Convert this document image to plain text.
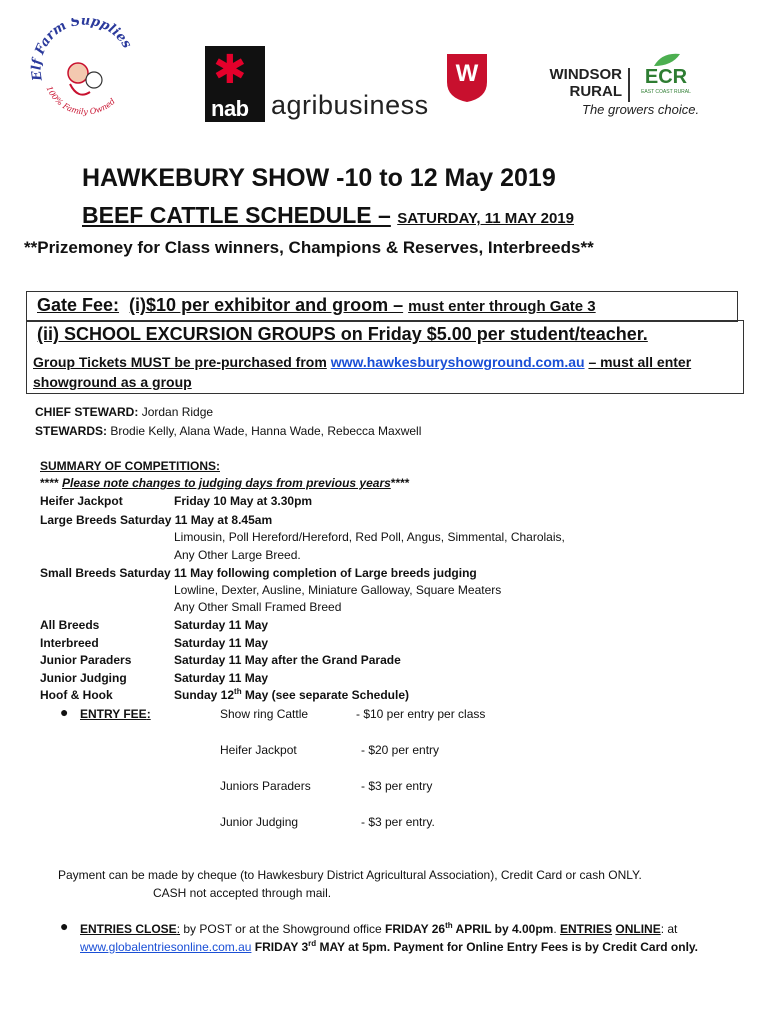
Elf Farm Supplies
100% Family Owned
✱
nab agribusiness
W	WINDSOR
RURAL
ECR
EAST COAST RURAL
The growers choice.
HAWKEBURY SHOW -10 to 12 May 2019
BEEF CATTLE SCHEDULE – SATURDAY, 11 MAY 2019
**Prizemoney for Class winners, Champions & Reserves, Interbreeds**
Gate Fee: (i)$10 per exhibitor and groom – must enter through Gate 3
(ii) SCHOOL EXCURSION GROUPS on Friday $5.00 per student/teacher.
Group Tickets MUST be pre-purchased from www.hawkesburyshowground.com.au – must all enter showground as a group
CHIEF STEWARD: Jordan Ridge
STEWARDS: Brodie Kelly, Alana Wade, Hanna Wade, Rebecca Maxwell
SUMMARY OF COMPETITIONS:
**** Please note changes to judging days from previous years****
Heifer Jackpot	Friday 10 May at 3.30pm
Large Breeds Saturday 11 May at 8.45am
Limousin, Poll Hereford/Hereford, Red Poll, Angus, Simmental, Charolais,
Any Other Large Breed.
Small Breeds Saturday 11 May following completion of Large breeds judging
Lowline, Dexter, Ausline, Miniature Galloway, Square Meaters
Any Other Small Framed Breed
All Breeds	Saturday 11 May
Interbreed	Saturday 11 May
Junior Paraders	Saturday 11 May after the Grand Parade
Junior Judging	Saturday 11 May
Hoof & Hook	Sunday 12th May (see separate Schedule)
● ENTRY FEE:	Show ring Cattle	- $10 per entry per class
Heifer Jackpot	- $20 per entry
Juniors Paraders	- $3 per entry
Junior Judging	- $3 per entry.
Payment can be made by cheque (to Hawkesbury District Agricultural Association), Credit Card or cash ONLY.
CASH not accepted through mail.
● ENTRIES CLOSE: by POST or at the Showground office FRIDAY 26th APRIL by 4.00pm. ENTRIES ONLINE: at www.globalentriesonline.com.au FRIDAY 3rd MAY at 5pm. Payment for Online Entry Fees is by Credit Card only.
